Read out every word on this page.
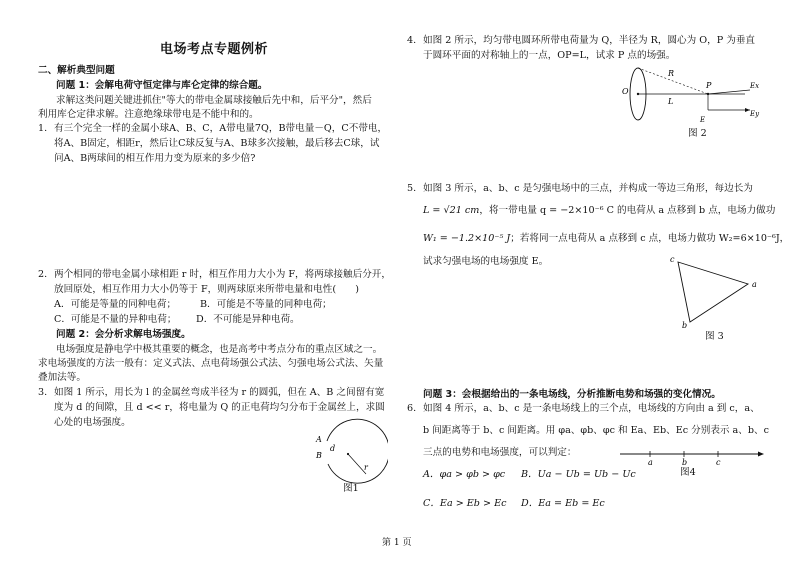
电场考点专题例析
二、解析典型问题
问题 1：会解电荷守恒定律与库仑定律的综合题。
求解这类问题关键进抓住"等大的带电金属球接触后先中和，后平分"，然后
利用库仑定律求解。注意绝缘球带电是不能中和的。
1. 有三个完全一样的金属小球A、B、C，A带电量7Q，B带电量－Q，C不带电，
将A、B固定，相距r，然后让C球反复与A、B球多次接触，最后移去C球，试
问A、B两球间的相互作用力变为原来的多少倍?
2. 两个相同的带电金属小球相距 r 时，相互作用力大小为 F，将两球接触后分开，
放回原处，相互作用力大小仍等于 F，则两球原来所带电量和电性(　　)
A．可能是等量的同种电荷； B．可能是不等量的同种电荷；
C．可能是不量的异种电荷； D．不可能是异种电荷。
问题 2：会分析求解电场强度。
电场强度是静电学中极其重要的概念，也是高考中考点分布的重点区域之一。
求电场强度的方法一般有：定义式法、点电荷场强公式法、匀强电场公式法、矢量
叠加法等。
3. 如图 1 所示，用长为 l 的金属丝弯成半径为 r 的圆弧，但在 A、B 之间留有宽
度为 d 的间隙，且 d << r，将电量为 Q 的正电荷均匀分布于金属丝上，求圆
心处的电场强度。
A
B
d
r
图1
4. 如图 2 所示，均匀带电圆环所带电荷量为 Q，半径为 R，圆心为 O，P 为垂直
于圆环平面的对称轴上的一点，OP=L，试求 P 点的场强。
O
R
L
P	Ex
Ey
E
图 2
5. 如图 3 所示，a、b、c 是匀强电场中的三点，并构成一等边三角形，每边长为
L = √21 cm，将一带电量 q = −2×10⁻⁶ C 的电荷从 a 点移到 b 点，电场力做功
W₁ = −1.2×10⁻⁵ J；若将同一点电荷从 a 点移到 c 点，电场力做功 W₂=6×10⁻⁶J，
试求匀强电场的电场强度 E。	c
a
b
图 3
问题 3：会根据给出的一条电场线，分析推断电势和场强的变化情况。
6. 如图 4 所示，a、b、c 是一条电场线上的三个点，电场线的方向由 a 到 c，a、
b 间距离等于 b、c 间距离。用 φa、φb、φc 和 Ea、Eb、Ec 分别表示 a、b、c
三点的电势和电场强度，可以判定：
A．φa > φb > φc B．Ua − Ub = Ub − Uc
C．Ea > Eb > Ec D．Ea = Eb = Ec
a	b	c
图4
第 1 页
